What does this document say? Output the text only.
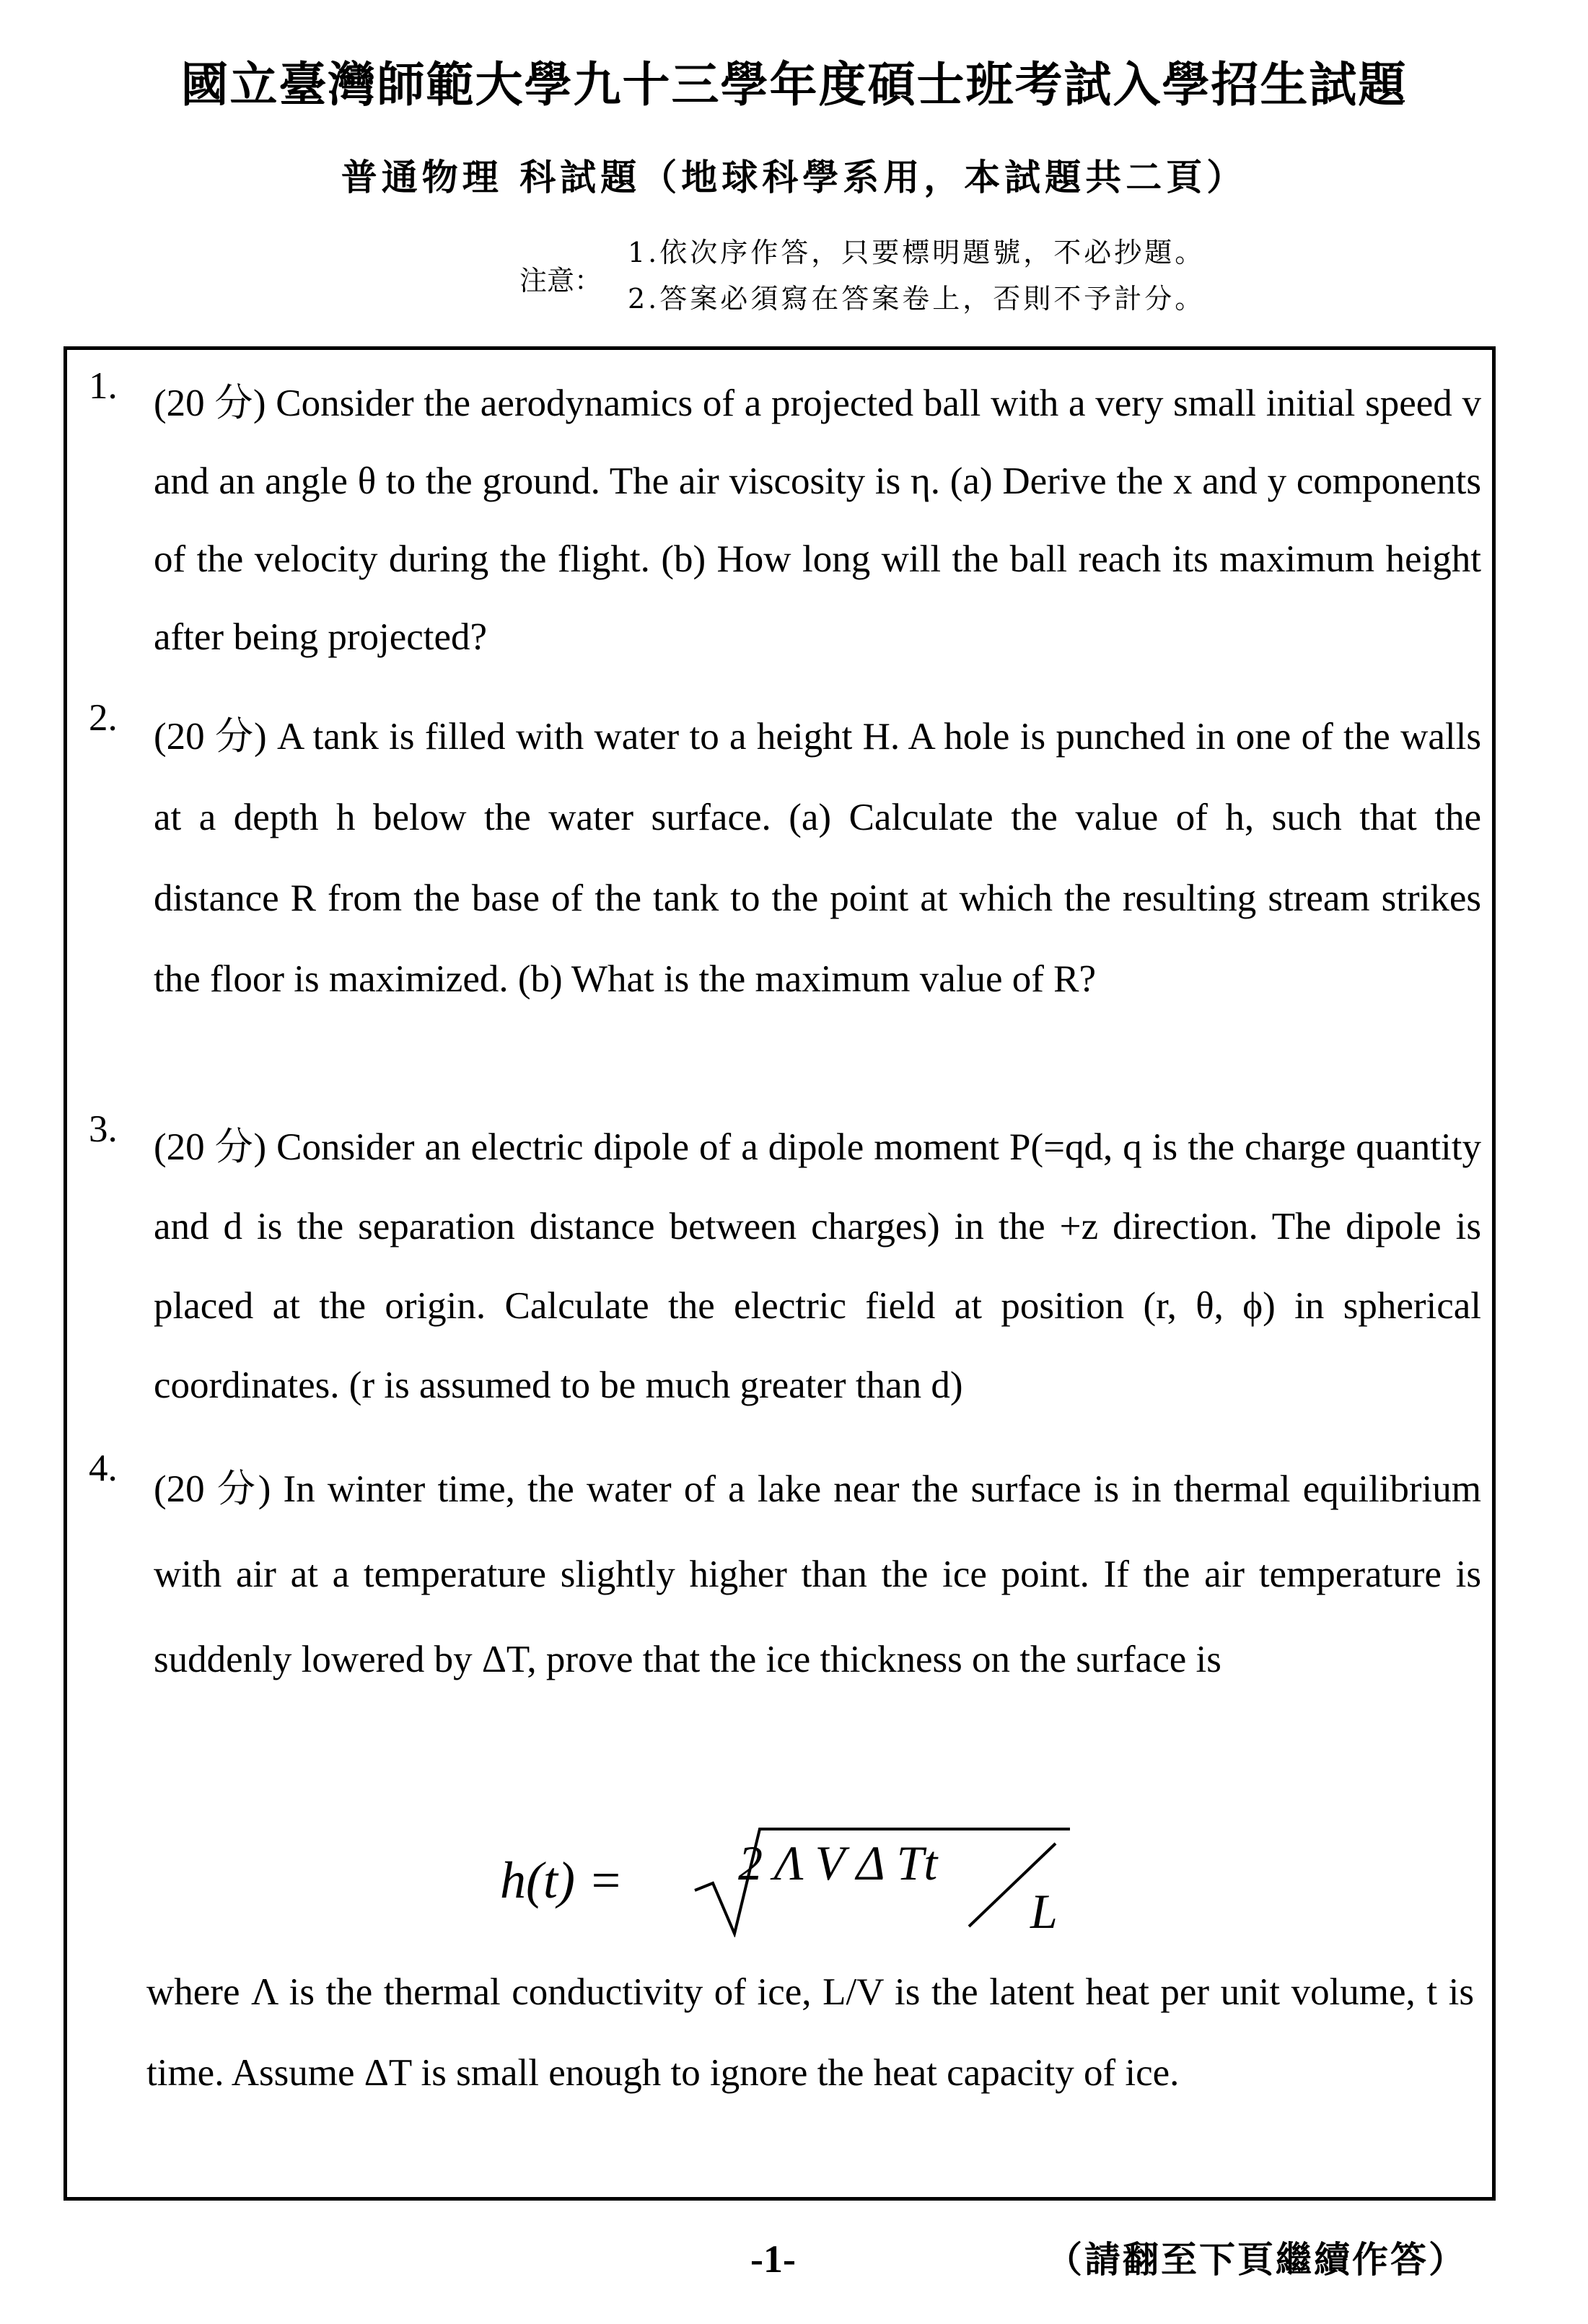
國立臺灣師範大學九十三學年度碩士班考試入學招生試題
普通物理 科試題（地球科學系用，本試題共二頁）
注意：
1.依次序作答，只要標明題號，不必抄題。
2.答案必須寫在答案卷上，否則不予計分。
1. (20 分) Consider the aerodynamics of a projected ball with a very small initial speed v and an angle θ to the ground. The air viscosity is η. (a) Derive the x and y components of the velocity during the flight. (b) How long will the ball reach its maximum height after being projected?
2. (20 分) A tank is filled with water to a height H. A hole is punched in one of the walls at a depth h below the water surface. (a) Calculate the value of h, such that the distance R from the base of the tank to the point at which the resulting stream strikes the floor is maximized. (b) What is the maximum value of R?
3. (20 分) Consider an electric dipole of a dipole moment P(=qd, q is the charge quantity and d is the separation distance between charges) in the +z direction. The dipole is placed at the origin. Calculate the electric field at position (r, θ, ϕ) in spherical coordinates. (r is assumed to be much greater than d)
4. (20 分) In winter time, the water of a lake near the surface is in thermal equilibrium with air at a temperature slightly higher than the ice point. If the air temperature is suddenly lowered by ΔT, prove that the ice thickness on the surface is
h(t) = 2 Λ V Δ Tt
L
where Λ is the thermal conductivity of ice, L/V is the latent heat per unit volume, t is time. Assume ΔT is small enough to ignore the heat capacity of ice.
-1-	（請翻至下頁繼續作答）
